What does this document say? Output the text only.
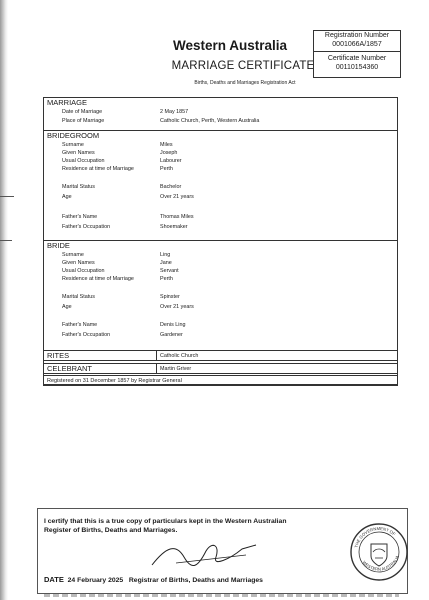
Western Australia
MARRIAGE CERTIFICATE
Births, Deaths and Marriages Registration Act
Registration Number
0001066A/1857
Certificate Number
00110154360
MARRIAGE
Date of Marriage	2 May 1857
Place of Marriage	Catholic Church, Perth, Western Australia
BRIDEGROOM
Surname	Miles
Given Names	Joseph
Usual Occupation	Labourer
Residence at time of Marriage	Perth
Marital Status	Bachelor
Age	Over 21 years
Father's Name	Thomas Miles
Father's Occupation	Shoemaker
BRIDE
Surname	Ling
Given Names	Jane
Usual Occupation	Servant
Residence at time of Marriage	Perth
Marital Status	Spinster
Age	Over 21 years
Father's Name	Denis Ling
Father's Occupation	Gardener
RITES	Catholic Church
CELEBRANT	Martin Griver
Registered on 31 December 1857 by Registrar General
I certify that this is a true copy of particulars kept in the Western Australian
Register of Births, Deaths and Marriages.
DATE 24 February 2025 Registrar of Births, Deaths and Marriages
THE GOVERNMENT OF
WESTERN AUSTRALIA
